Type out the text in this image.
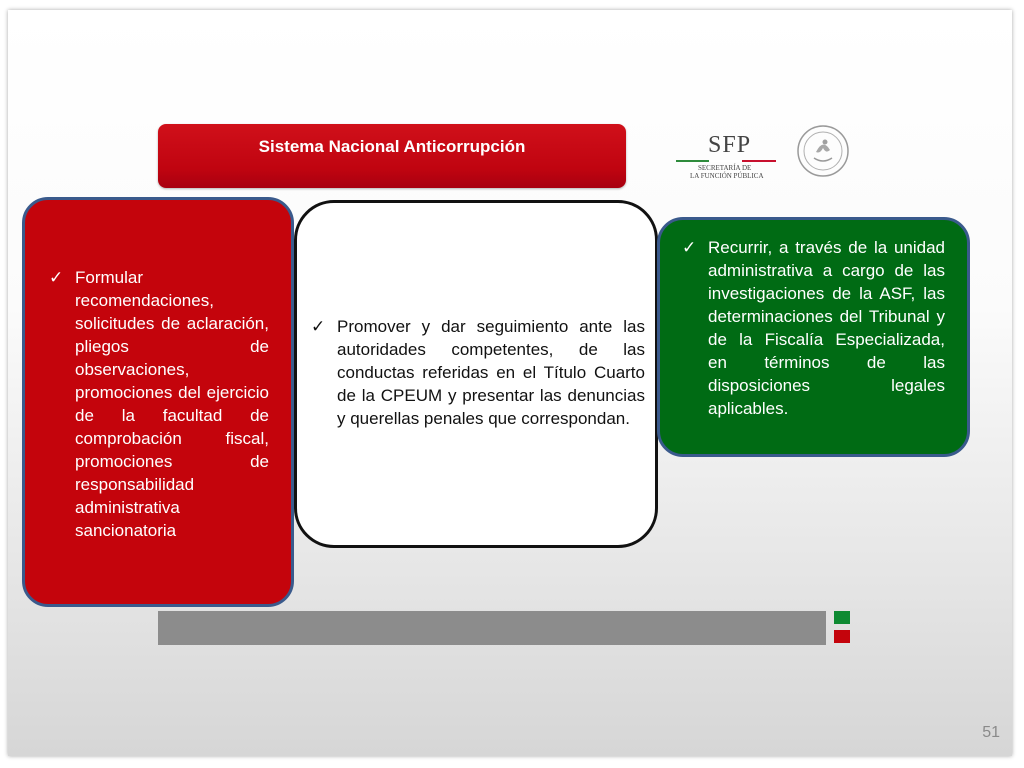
Sistema Nacional Anticorrupción	SFP
SECRETARÍA DE
LA FUNCIÓN PÚBLICA
✓ Formular recomendaciones, solicitudes de aclaración, pliegos de observaciones, promociones del ejercicio de la facultad de comprobación fiscal, promociones de responsabilidad administrativa sancionatoria
✓ Promover y dar seguimiento ante las autoridades competentes, de las conductas referidas en el Título Cuarto de la CPEUM y presentar las denuncias y querellas penales que correspondan.
✓ Recurrir, a través de la unidad administrativa a cargo de las investigaciones de la ASF, las determinaciones del Tribunal y de la Fiscalía Especializada, en términos de las disposiciones legales aplicables.
51
